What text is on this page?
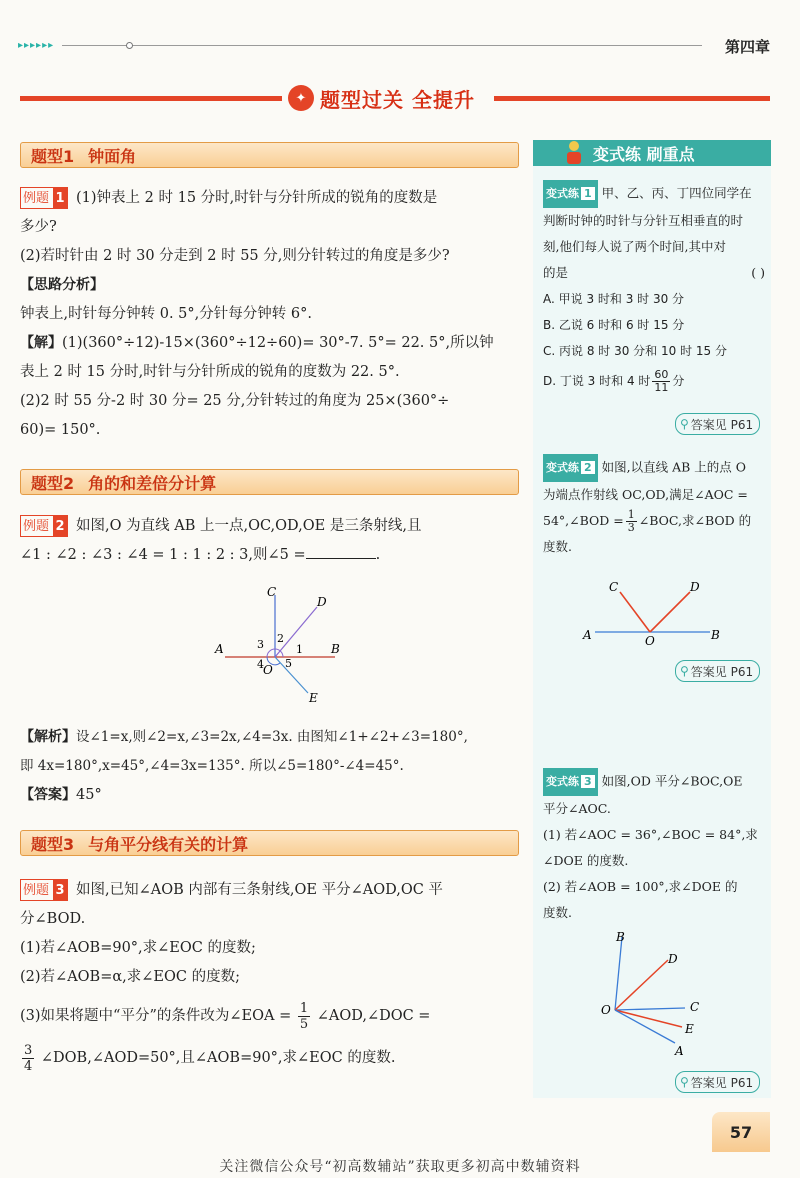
▸▸▸▸▸▸	第四章
✦ 题型过关 全提升
题型1 钟面角
例题 1 (1)钟表上 2 时 15 分时,时针与分针所成的锐角的度数是
多少?
(2)若时针由 2 时 30 分走到 2 时 55 分,则分针转过的角度是多少?
【思路分析】
钟表上,时针每分钟转 0. 5°,分针每分钟转 6°.
【解】(1)(360°÷12)-15×(360°÷12÷60)= 30°-7. 5°= 22. 5°,所以钟
表上 2 时 15 分时,时针与分针所成的锐角的度数为 22. 5°.
(2)2 时 55 分-2 时 30 分= 25 分,分针转过的角度为 25×(360°÷
60)= 150°.
题型2 角的和差倍分计算
例题 2 如图,O 为直线 AB 上一点,OC,OD,OE 是三条射线,且
∠1 : ∠2 : ∠3 : ∠4 = 1 : 1 : 2 : 3,则∠5 =	.
A	B
C
D
E
O
1
2
3
4 5
【解析】设∠1=x,则∠2=x,∠3=2x,∠4=3x. 由图知∠1+∠2+∠3=180°,
即 4x=180°,x=45°,∠4=3x=135°. 所以∠5=180°-∠4=45°.
【答案】45°
题型3 与角平分线有关的计算
例题 3 如图,已知∠AOB 内部有三条射线,OE 平分∠AOD,OC 平
分∠BOD.
(1)若∠AOB=90°,求∠EOC 的度数;
(2)若∠AOB=α,求∠EOC 的度数;
(3)如果将题中“平分”的条件改为∠EOA = $\frac{1}{5}$ ∠AOD,∠DOC =
$\frac{3}{4}$ ∠DOB,∠AOD=50°,且∠AOB=90°,求∠EOC 的度数.
变式练 刷重点
变式练 1 甲、乙、丙、丁四位同学在
判断时钟的时针与分针互相垂直的时
刻,他们每人说了两个时间,其中对
的是	( )
A. 甲说 3 时和 3 时 30 分
B. 乙说 6 时和 6 时 15 分
C. 丙说 8 时 30 分和 10 时 15 分
D. 丁说 3 时和 4 时 $\frac{60}{11}$ 分
⚲ 答案见 P61
变式练 2 如图,以直线 AB 上的点 O
为端点作射线 OC,OD,满足∠AOC =
54°,∠BOD = $\frac{1}{3}$ ∠BOC,求∠BOD 的
度数.
A	B
C	D
O
⚲ 答案见 P61
变式练 3 如图,OD 平分∠BOC,OE
平分∠AOC.
(1) 若∠AOC = 36°,∠BOC = 84°,求
∠DOE 的度数.
(2) 若∠AOB = 100°,求∠DOE 的
度数.
B
D
C
E
A
O
⚲ 答案见 P61
57
关注微信公众号“初高数辅站”获取更多初高中数辅资料
